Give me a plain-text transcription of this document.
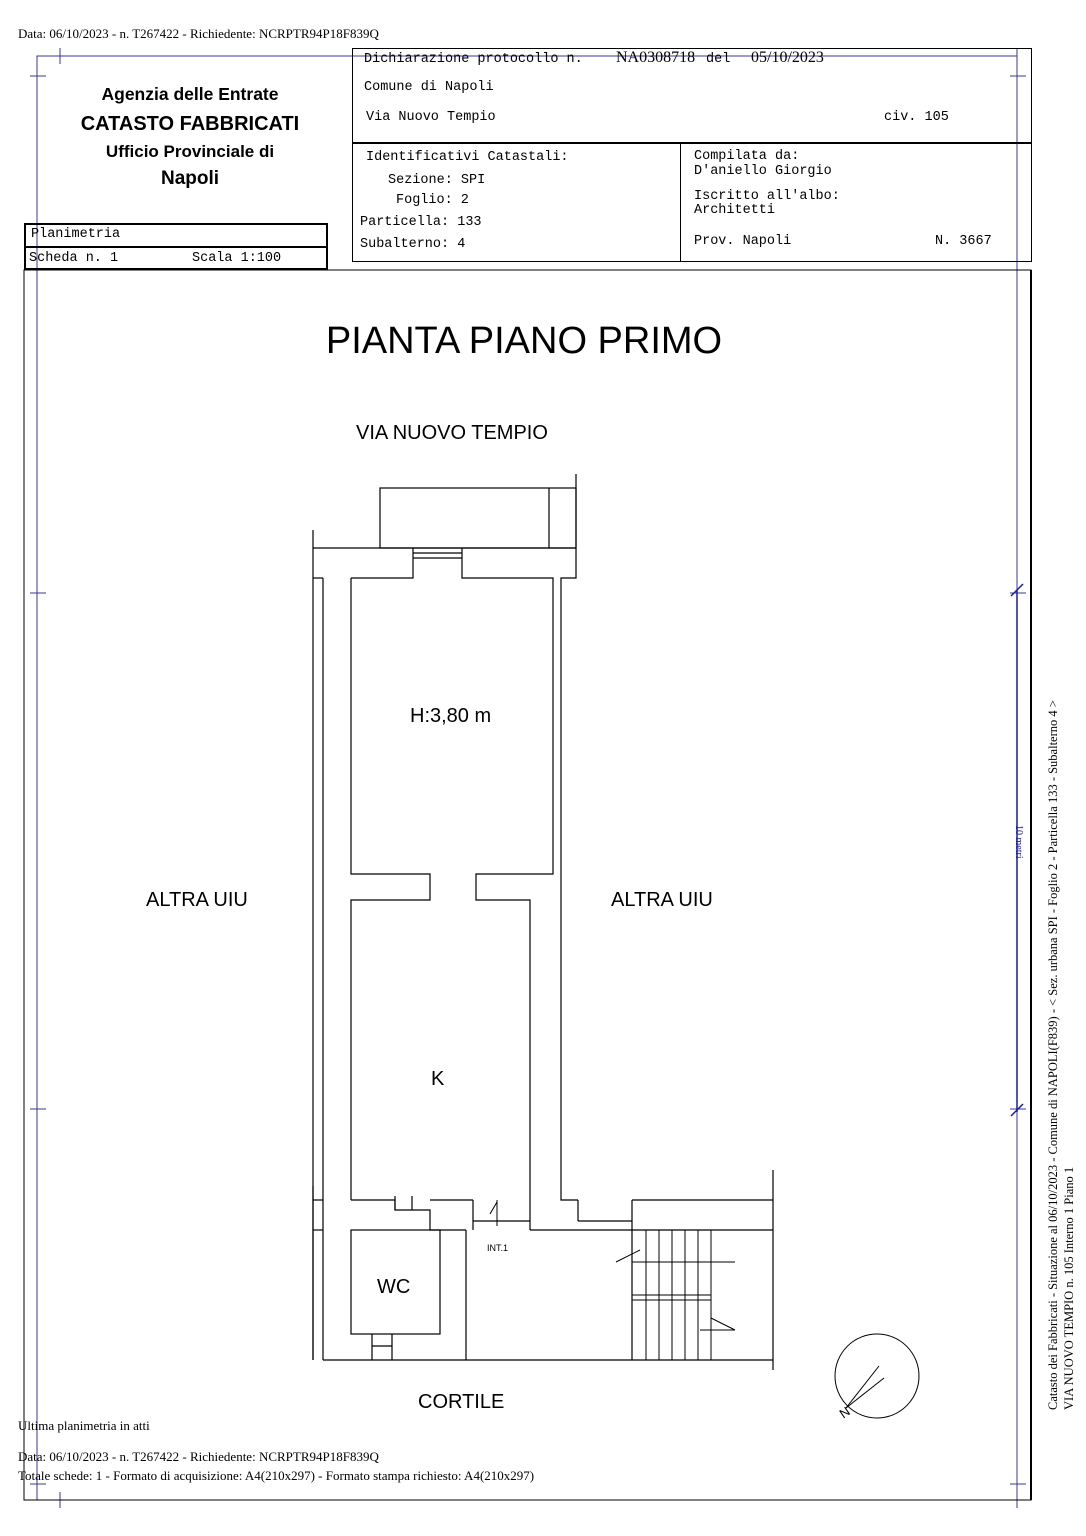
Data: 06/10/2023 - n. T267422 - Richiedente: NCRPTR94P18F839Q
Agenzia delle Entrate
CATASTO FABBRICATI
Ufficio Provinciale di
Napoli
Planimetria
Scheda n. 1	Scala 1:100
Dichiarazione protocollo n. NA0308718 del 05/10/2023
Comune di Napoli
Via Nuovo Tempio	civ. 105
Identificativi Catastali:
Sezione: SPI
Foglio: 2
Particella: 133
Subalterno: 4
Compilata da:
D'aniello Giorgio
Iscritto all'albo:
Architetti
Prov. Napoli	N. 3667
PIANTA PIANO PRIMO
VIA NUOVO TEMPIO
H:3,80 m
ALTRA UIU	ALTRA UIU
K
WC
INT.1
CORTILE	N
Catasto dei Fabbricati - Situazione al 06/10/2023 - Comune di NAPOLI(F839) - < Sez. urbana SPI - Foglio 2 - Particella 133 - Subalterno 4 > VIA NUOVO TEMPIO n. 105 Interno 1 Piano 1
10 metri
Ultima planimetria in atti
Data: 06/10/2023 - n. T267422 - Richiedente: NCRPTR94P18F839Q
Totale schede: 1 - Formato di acquisizione: A4(210x297) - Formato stampa richiesto: A4(210x297)
